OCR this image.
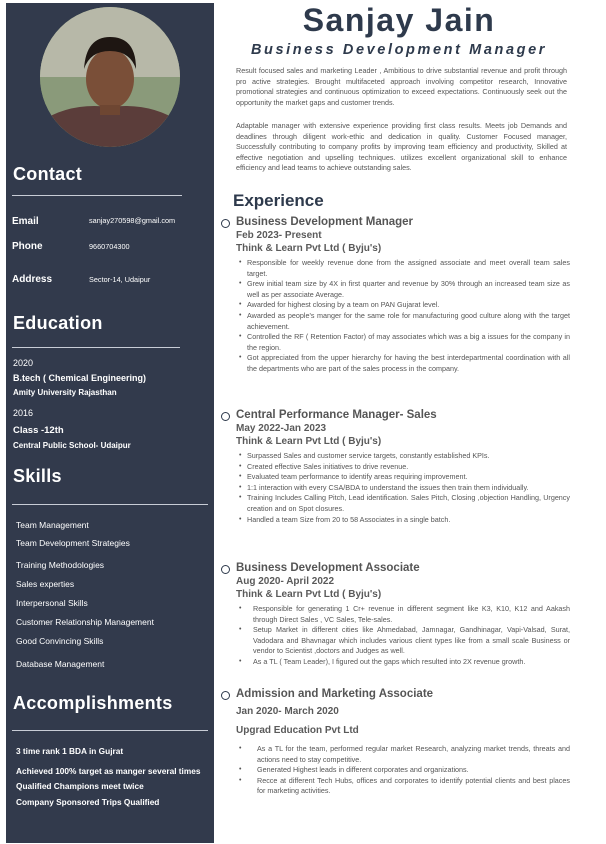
Contact
Email	sanjay270598@gmail.com
Phone	9660704300
Address	Sector-14, Udaipur
Education
2020
B.tech ( Chemical Engineering)
Amity University Rajasthan
2016
Class -12th
Central Public School- Udaipur
Skills
Team Management
Team Development Strategies
Training Methodologies
Sales experties
Interpersonal Skills
Customer Relationship Management
Good Convincing Skills
Database Management
Accomplishments
3 time rank 1 BDA in Gujrat
Achieved 100% target as manger several times
Qualified Champions meet twice
Company Sponsored Trips Qualified
Sanjay Jain
Business Development Manager
Result focused sales and marketing Leader , Ambitious to drive substantial revenue and profit through pro active strategies. Brought multifaceted approach involving competitor research, Innovative promotional strategies and continuous optimization to exceed expectations. Continuously seek out the opportunity the market gaps and customer trends.
Adaptable manager with extensive experience providing first class results. Meets job Demands and deadlines through diligent work-ethic and dedication in quality. Customer Focused manager, Successfully contributing to company profits by improving team efficiency and productivity, Skilled at effective negotiation and upselling techniques. utilizes excellent organizational skill to enhance efficiency and lead teams to achieve outstanding sales.
Experience
Business Development Manager
Feb 2023- Present
Think & Learn Pvt Ltd ( Byju's)
• Responsible for weekly revenue done from the assigned associate and meet overall team sales target.
• Grew initial team size by 4X in first quarter and revenue by 30% through an increased team size as well as per associate Average.
• Awarded for highest closing by a team on PAN Gujarat level.
• Awarded as people's manger for the same role for manufacturing good culture along with the target achievement.
• Controlled the RF ( Retention Factor) of may associates which was a big a issues for the company in the region.
• Got appreciated from the upper hierarchy for having the best interdepartmental coordination with all the departments who are part of the sales process in the company.
Central Performance Manager- Sales
May 2022-Jan 2023
Think & Learn Pvt Ltd ( Byju's)
• Surpassed Sales and customer service targets, constantly established KPIs.
• Created effective Sales initiatives to drive revenue.
• Evaluated team performance to identify areas requiring improvement.
• 1:1 interaction with every CSA/BDA to understand the issues then train them individually.
• Training Includes Calling Pitch, Lead identification. Sales Pitch, Closing ,objection Handling, Urgency creation and on Spot closures.
• Handled a team Size from 20 to 58 Associates in a single batch.
Business Development Associate
Aug 2020- April 2022
Think & Learn Pvt Ltd ( Byju's)
• Responsible for generating 1 Cr+ revenue in different segment like K3, K10, K12 and Aakash through Direct Sales , VC Sales, Tele-sales.
• Setup Market in different cities like Ahmedabad, Jamnagar, Gandhinagar, Vapi-Valsad, Surat, Vadodara and Bhavnagar which includes various client types like from a small scale Business or vendor to Scientist ,doctors and Judges as well.
• As a TL ( Team Leader), I figured out the gaps which resulted into 2X revenue growth.
Admission and Marketing Associate
Jan 2020- March 2020
Upgrad Education Pvt Ltd
• As a TL for the team, performed regular market Research, analyzing market trends, threats and actions need to stay competitive.
• Generated Highest leads in different corporates and organizations.
• Recce at different Tech Hubs, offices and corporates to identify potential clients and best places for marketing activities.
